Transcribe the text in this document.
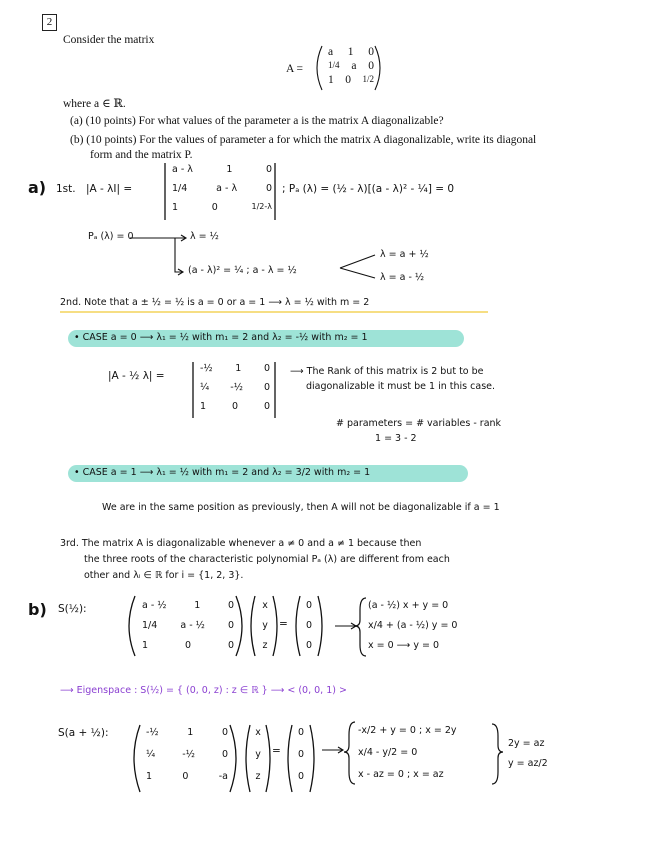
2
Consider the matrix
A =
a 1 0
1/4 a 0
1 0 1/2
where a ∈ ℝ.
(a) (10 points) For what values of the parameter a is the matrix A diagonalizable?
(b) (10 points) For the values of parameter a for which the matrix A diagonalizable, write its diagonal
form and the matrix P.
a) 1st. |A - λI| =
a - λ	1	0
1/4	a - λ	0
1	0	1/2-λ
; Pₐ (λ) = (½ - λ)[(a - λ)² - ¼] = 0
Pₐ (λ) = 0	λ = ½
(a - λ)² = ¼ ; a - λ = ½
λ = a + ½
λ = a - ½
2nd. Note that a ± ½ = ½ is a = 0 or a = 1 ⟶ λ = ½ with m = 2
• CASE a = 0 ⟶ λ₁ = ½ with m₁ = 2 and λ₂ = -½ with m₂ = 1
|A - ½ λ| =
-½ 1 0
¼ -½ 0
1	0	0
⟶ The Rank of this matrix is 2 but to be
diagonalizable it must be 1 in this case.
# parameters = # variables - rank
1 = 3 - 2
• CASE a = 1 ⟶ λ₁ = ½ with m₁ = 2 and λ₂ = 3/2 with m₂ = 1
We are in the same position as previously, then A will not be diagonalizable if a = 1
3rd. The matrix A is diagonalizable whenever a ≠ 0 and a ≠ 1 because then
the three roots of the characteristic polynomial Pₐ (λ) are different from each
other and λᵢ ∈ ℝ for i = {1, 2, 3}.
b) S(½):	a - ½	1	0
1/4 a - ½ 0
1	0	0
x
y
z
=
0
0
0
(a - ½) x + y = 0
x/4 + (a - ½) y = 0
x = 0 ⟶ y = 0
⟶ Eigenspace : S(½) = { (0, 0, z) : z ∈ ℝ } ⟶ < (0, 0, 1) >
S(a + ½):	-½	1	0
¼	-½	0
1	0	-a
x
y
z
=
0
0
0
-x/2 + y = 0 ; x = 2y
x/4 - y/2 = 0
x - az = 0 ; x = az
2y = az
y = az/2
